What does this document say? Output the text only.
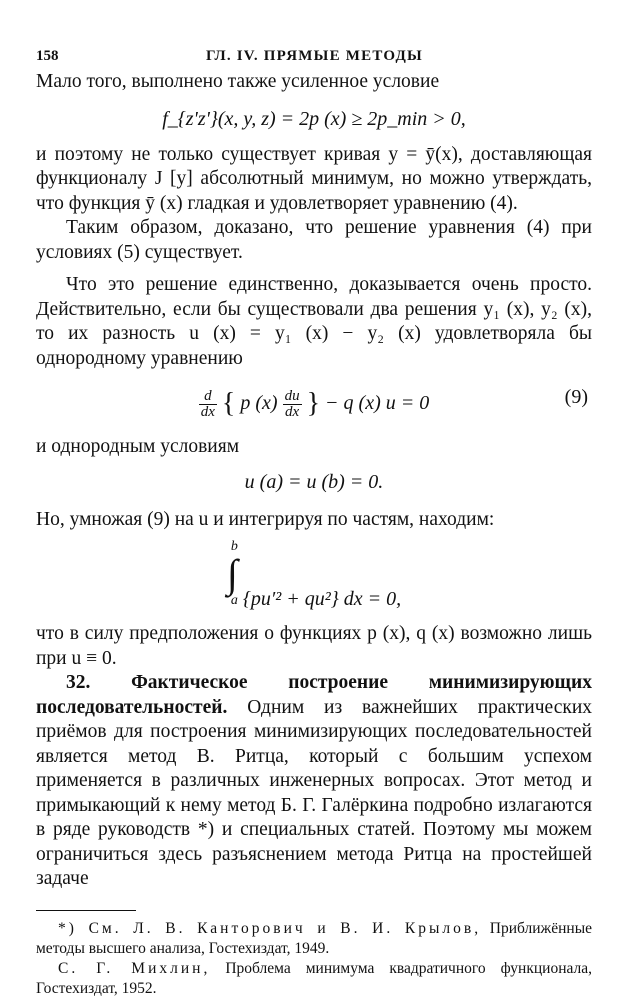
158	ГЛ. IV. ПРЯМЫЕ МЕТОДЫ

Мало того, выполнено также усиленное условие

f_{z'z'}(x, y, z) = 2p (x) ≥ 2p_min > 0,

и поэтому не только существует кривая y = ȳ(x), доставляющая функционалу J [y] абсолютный минимум, но можно утверждать, что функция ȳ (x) гладкая и удовлетворяет уравнению (4).

Таким образом, доказано, что решение уравнения (4) при условиях (5) существует.

Что это решение единственно, доказывается очень просто. Действительно, если бы существовали два решения y₁ (x), y₂ (x), то их разность u (x) = y₁ (x) − y₂ (x) удовлетворяла бы однородному уравнению

$\frac{d}{dx}$ { p $(x) \frac{du}{dx}$ } − q (x) u = 0	(9)

и однородным условиям

u (a) = u (b) = 0.

Но, умножая (9) на u и интегрируя по частям, находим:

b
∫
a {pu′² + qu²} dx = 0,

что в силу предположения о функциях p (x), q (x) возможно лишь при u ≡ 0.

32. Фактическое построение минимизирующих последовательностей. Одним из важнейших практических приёмов для построения минимизирующих последовательностей является метод В. Ритца, который с большим успехом применяется в различных инженерных вопросах. Этот метод и примыкающий к нему метод Б. Г. Галёркина подробно излагаются в ряде руководств *) и специальных статей. Поэтому мы можем ограничиться здесь разъяснением метода Ритца на простейшей задаче

*) См. Л. В. Канторович и В. И. Крылов, Приближённые методы высшего анализа, Гостехиздат, 1949.

С. Г. Михлин, Проблема минимума квадратичного функционала, Гостехиздат, 1952.
